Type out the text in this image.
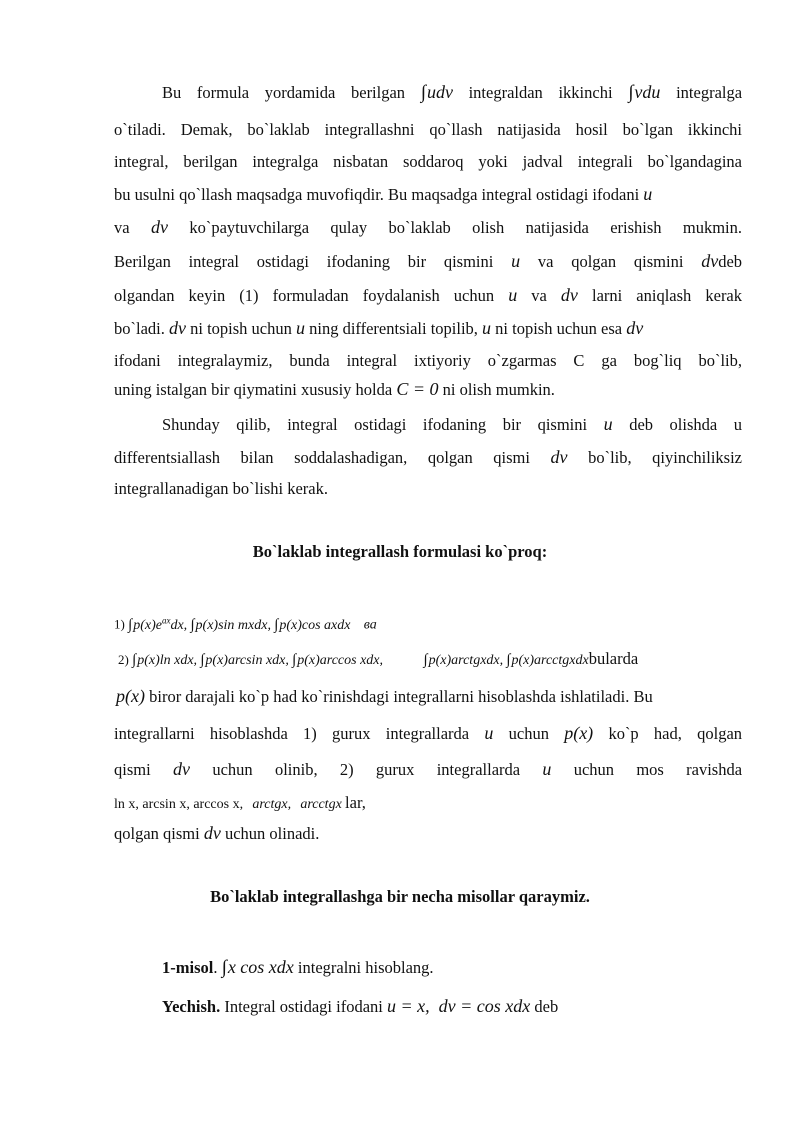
Bu formula yordamida berilgan ∫udv integraldan ikkinchi ∫vdu integralga
o`tiladi. Demak, bo`laklab integrallashni qo`llash natijasida hosil bo`lgan ikkinchi
integral, berilgan integralga nisbatan soddaroq yoki jadval integrali bo`lgandagina
bu usulni qo`llash maqsadga muvofiqdir. Bu maqsadga integral ostidagi ifodani u
va dv ko`paytuvchilarga qulay bo`laklab olish natijasida erishish mukmin.
Berilgan integral ostidagi ifodaning bir qismini u va qolgan qismini dvdeb
olgandan keyin (1) formuladan foydalanish uchun u va dv larni aniqlash kerak
bo`ladi. dv ni topish uchun u ning differentsiali topilib, u ni topish uchun esa dv
ifodani integralaymiz, bunda integral ixtiyoriy o`zgarmas C ga bog`liq bo`lib,
uning istalgan bir qiymatini xususiy holda C = 0 ni olish mumkin.
Shunday qilib, integral ostidagi ifodaning bir qismini u deb olishda u
differentsiallash bilan soddalashadigan, qolgan qismi dv bo`lib, qiyinchiliksiz
integrallanadigan bo`lishi kerak.
Bo`laklab integrallash formulasi ko`proq:
1) $\int p(x)e^{ax}dx$, ∫p(x)sin mxdx, ∫p(x)cos axdx ва
2) ∫p(x)ln xdx, ∫p(x)arcsin xdx, ∫p(x)arccos xdx,	∫p(x)arctgxdx, ∫p(x)arcctgxdxbularda
p(x) biror darajali ko`p had ko`rinishdagi integrallarni hisoblashda ishlatiladi. Bu
integrallarni hisoblashda 1) gurux integrallarda u uchun p(x) ko`p had, qolgan
qismi dv uchun olinib, 2) gurux integrallarda u uchun mos ravishda
ln x, arcsin x, arccos x, arctgx, arcctgx lar,
qolgan qismi dv uchun olinadi.
Bo`laklab integrallashga bir necha misollar qaraymiz.
1-misol. ∫x cos xdx integralni hisoblang.
Yechish. Integral ostidagi ifodani u = x,  dv = cos xdx deb
